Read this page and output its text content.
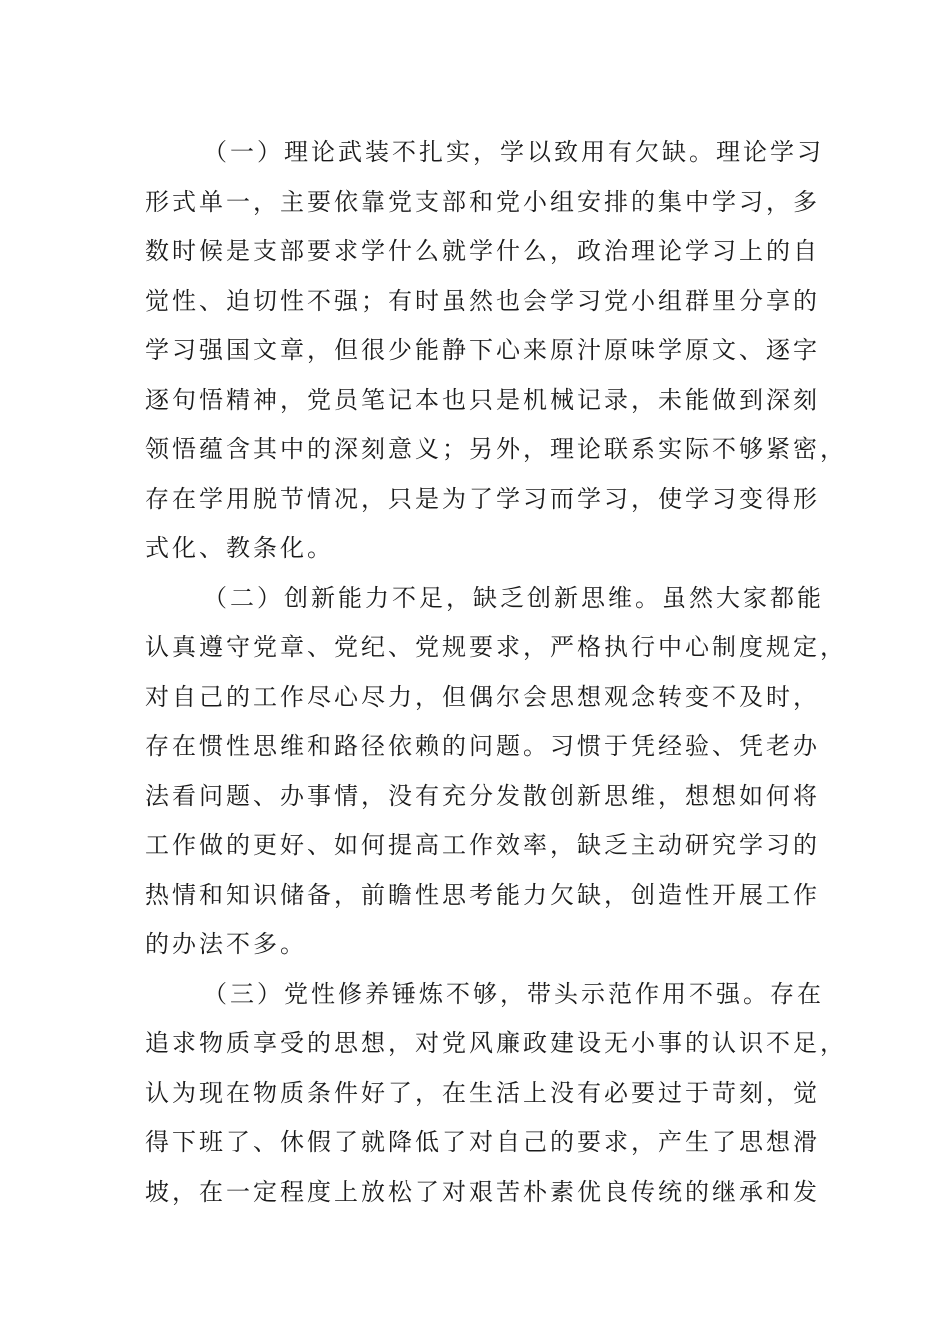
（一）理论武装不扎实，学以致用有欠缺。理论学习
形式单一，主要依靠党支部和党小组安排的集中学习，多
数时候是支部要求学什么就学什么，政治理论学习上的自
觉性、迫切性不强；有时虽然也会学习党小组群里分享的
学习强国文章，但很少能静下心来原汁原味学原文、逐字
逐句悟精神，党员笔记本也只是机械记录，未能做到深刻
领悟蕴含其中的深刻意义；另外，理论联系实际不够紧密，
存在学用脱节情况，只是为了学习而学习，使学习变得形
式化、教条化。

（二）创新能力不足，缺乏创新思维。虽然大家都能
认真遵守党章、党纪、党规要求，严格执行中心制度规定，
对自己的工作尽心尽力，但偶尔会思想观念转变不及时，
存在惯性思维和路径依赖的问题。习惯于凭经验、凭老办
法看问题、办事情，没有充分发散创新思维，想想如何将
工作做的更好、如何提高工作效率，缺乏主动研究学习的
热情和知识储备，前瞻性思考能力欠缺，创造性开展工作
的办法不多。

（三）党性修养锤炼不够，带头示范作用不强。存在
追求物质享受的思想，对党风廉政建设无小事的认识不足，
认为现在物质条件好了，在生活上没有必要过于苛刻，觉
得下班了、休假了就降低了对自己的要求，产生了思想滑
坡，在一定程度上放松了对艰苦朴素优良传统的继承和发
